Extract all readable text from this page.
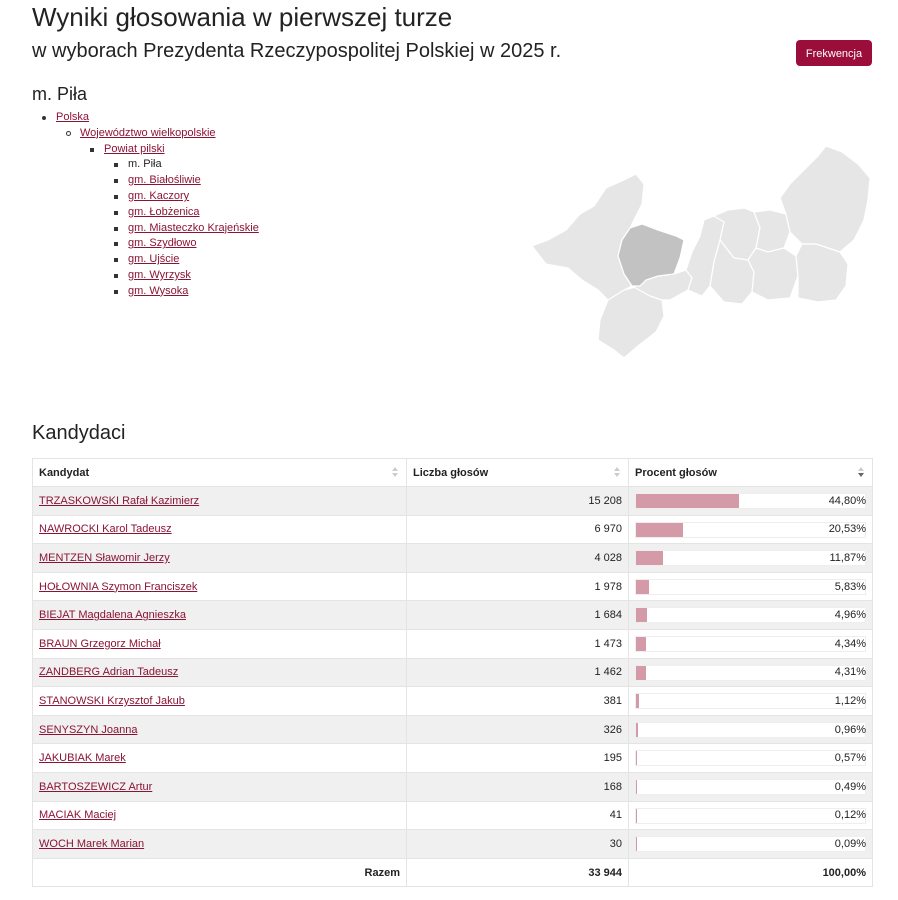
Wyniki głosowania w pierwszej turze
w wyborach Prezydenta Rzeczypospolitej Polskiej w 2025 r.	Frekwencja
m. Piła
Polska
Województwo wielkopolskie
Powiat pilski
m. Piła
gm. Białośliwie
gm. Kaczory
gm. Łobżenica
gm. Miasteczko Krajeńskie
gm. Szydłowo
gm. Ujście
gm. Wyrzysk
gm. Wysoka
Kandydaci
Kandydat	Liczba głosów	Procent głosów

TRZASKOWSKI Rafał Kazimierz	15 208	44,80%

NAWROCKI Karol Tadeusz	6 970	20,53%

MENTZEN Sławomir Jerzy	4 028	11,87%

HOŁOWNIA Szymon Franciszek	1 978	5,83%

BIEJAT Magdalena Agnieszka	1 684	4,96%

BRAUN Grzegorz Michał	1 473	4,34%

ZANDBERG Adrian Tadeusz	1 462	4,31%

STANOWSKI Krzysztof Jakub	381	1,12%

SENYSZYN Joanna	326	0,96%

JAKUBIAK Marek	195	0,57%

BARTOSZEWICZ Artur	168	0,49%

MACIAK Maciej	41	0,12%

WOCH Marek Marian	30	0,09%

Razem	33 944	100,00%
